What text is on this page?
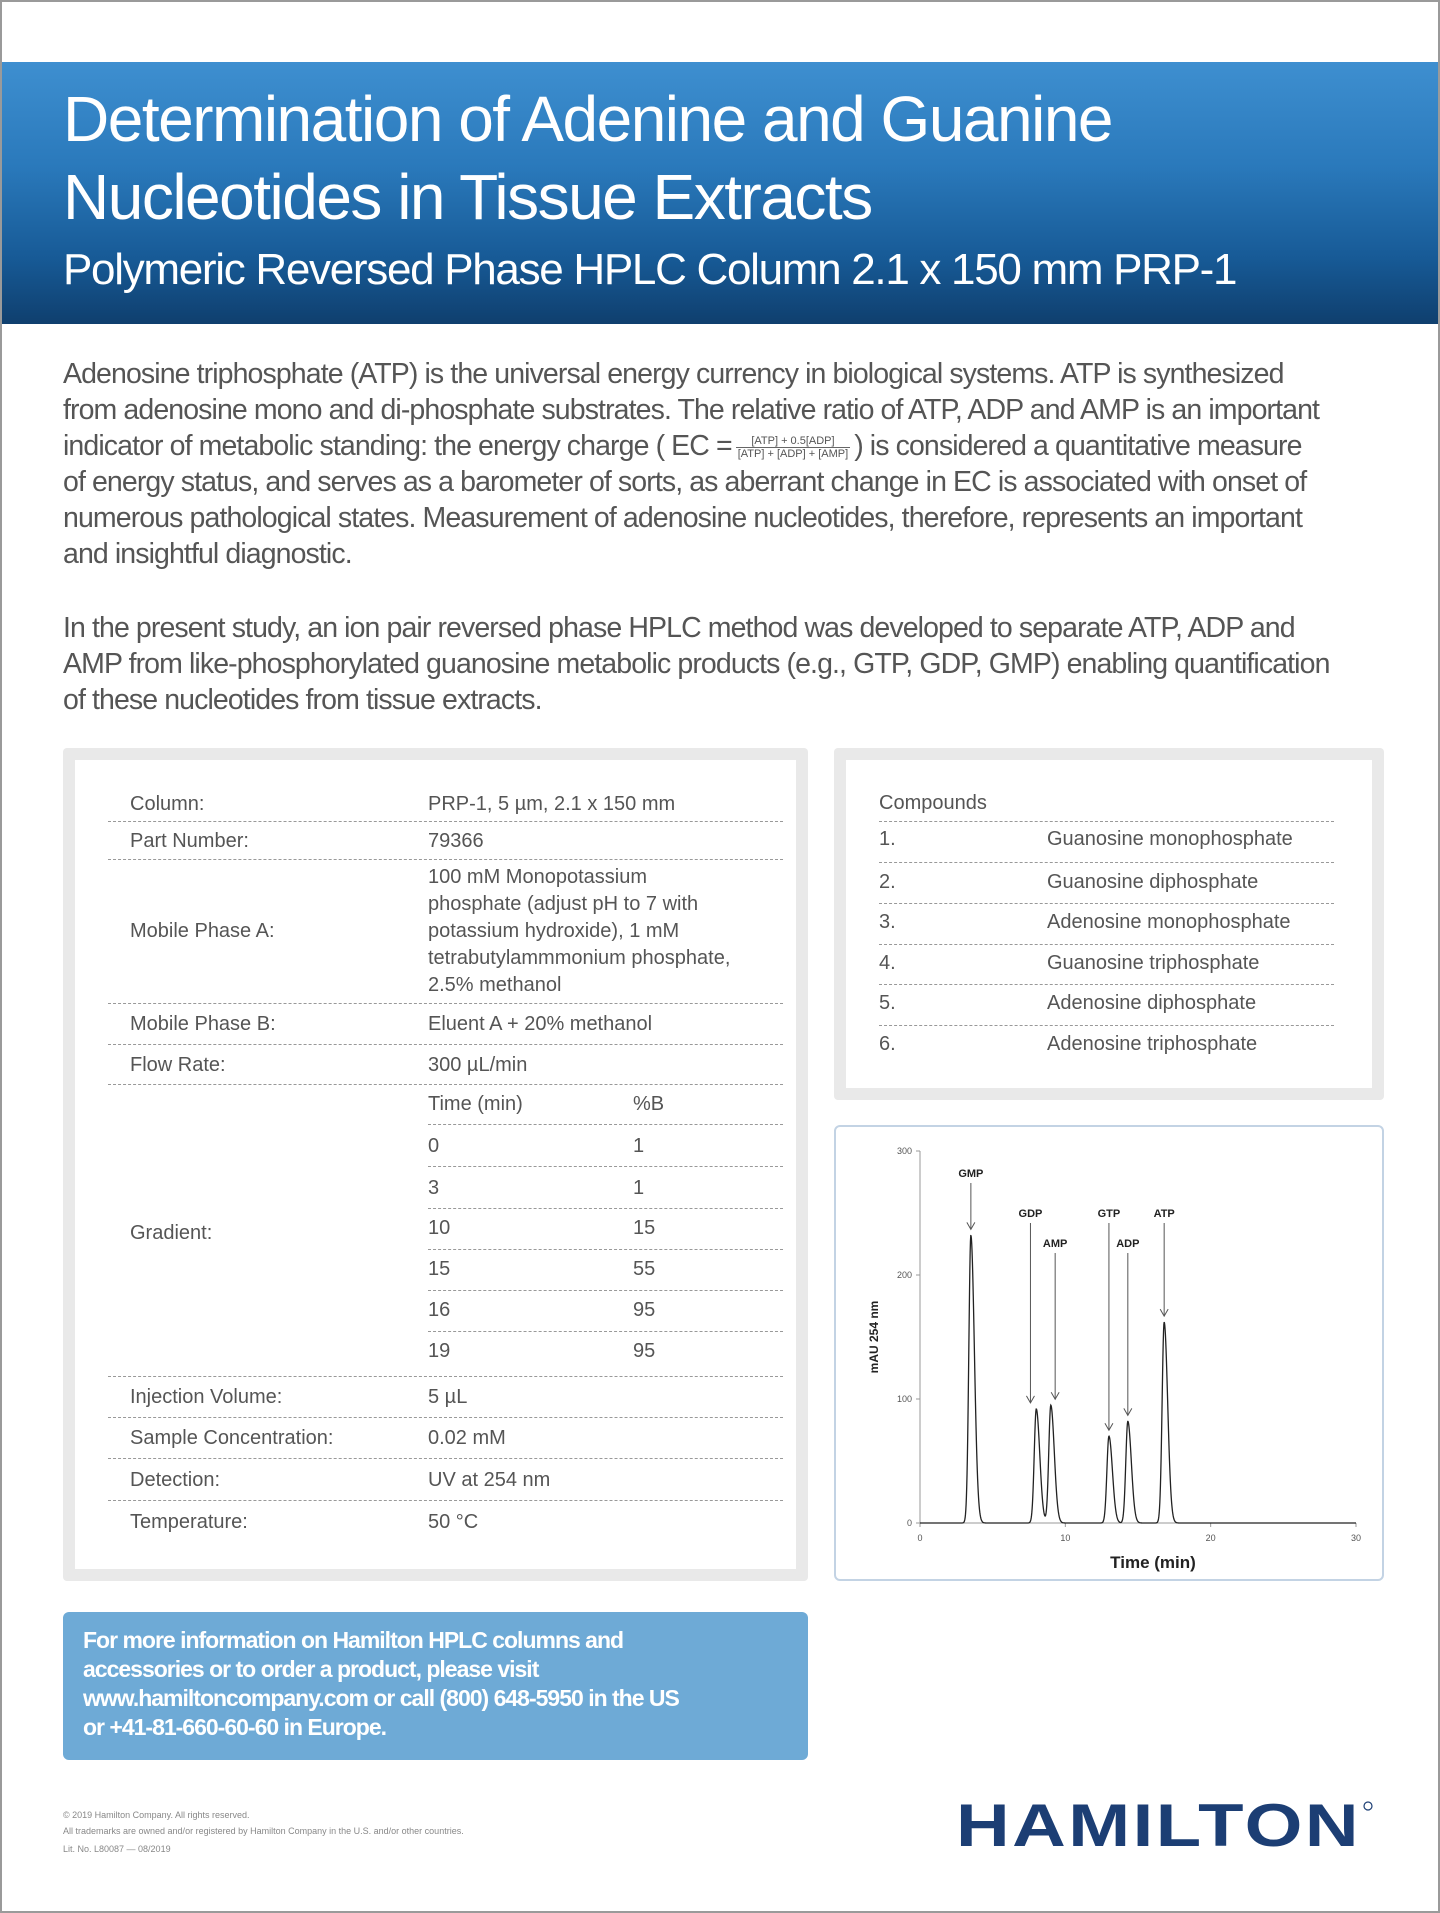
Determination of Adenine and Guanine
Nucleotides in Tissue Extracts
Polymeric Reversed Phase HPLC Column 2.1 x 150 mm PRP-1
Adenosine triphosphate (ATP) is the universal energy currency in biological systems. ATP is synthesized
from adenosine mono and di-phosphate substrates. The relative ratio of ATP, ADP and AMP is an important
indicator of metabolic standing: the energy charge ( EC = $\frac{\text{[ATP] + 0.5[ADP]}}{\text{[ATP] + [ADP] + [AMP]}}$ ) is considered a quantitative measure
of energy status, and serves as a barometer of sorts, as aberrant change in EC is associated with onset of
numerous pathological states. Measurement of adenosine nucleotides, therefore, represents an important
and insightful diagnostic.
In the present study, an ion pair reversed phase HPLC method was developed to separate ATP, ADP and
AMP from like-phosphorylated guanosine metabolic products (e.g., GTP, GDP, GMP) enabling quantification
of these nucleotides from tissue extracts.
Column:	PRP-1, 5 µm, 2.1 x 150 mm
Part Number:	79366
Mobile Phase A:
100 mM Monopotassium
phosphate (adjust pH to 7 with
potassium hydroxide), 1 mM
tetrabutylammmonium phosphate,
2.5% methanol
Mobile Phase B:	Eluent A + 20% methanol
Flow Rate:	300 µL/min
Gradient:
Time (min)	%B
0	1
3	1
10	15
15	55
16	95
19	95
Injection Volume:	5 µL
Sample Concentration:	0.02 mM
Detection:	UV at 254 nm
Temperature:	50 °C
Compounds
1.	Guanosine monophosphate
2.	Guanosine diphosphate
3.	Adenosine monophosphate
4.	Guanosine triphosphate
5.	Adenosine diphosphate
6.	Adenosine triphosphate
0
100
200
300
0	10	20	30
Time (min)
mAU 254 nm
GMP
GDP
AMP
GTP
ADP
ATP
For more information on Hamilton HPLC columns and
accessories or to order a product, please visit
www.hamiltoncompany.com or call (800) 648-5950 in the US
or +41-81-660-60-60 in Europe.
© 2019 Hamilton Company. All rights reserved.
All trademarks are owned and/or registered by Hamilton Company in the U.S. and/or other countries.
Lit. No. L80087 — 08/2019	HAMILTON
